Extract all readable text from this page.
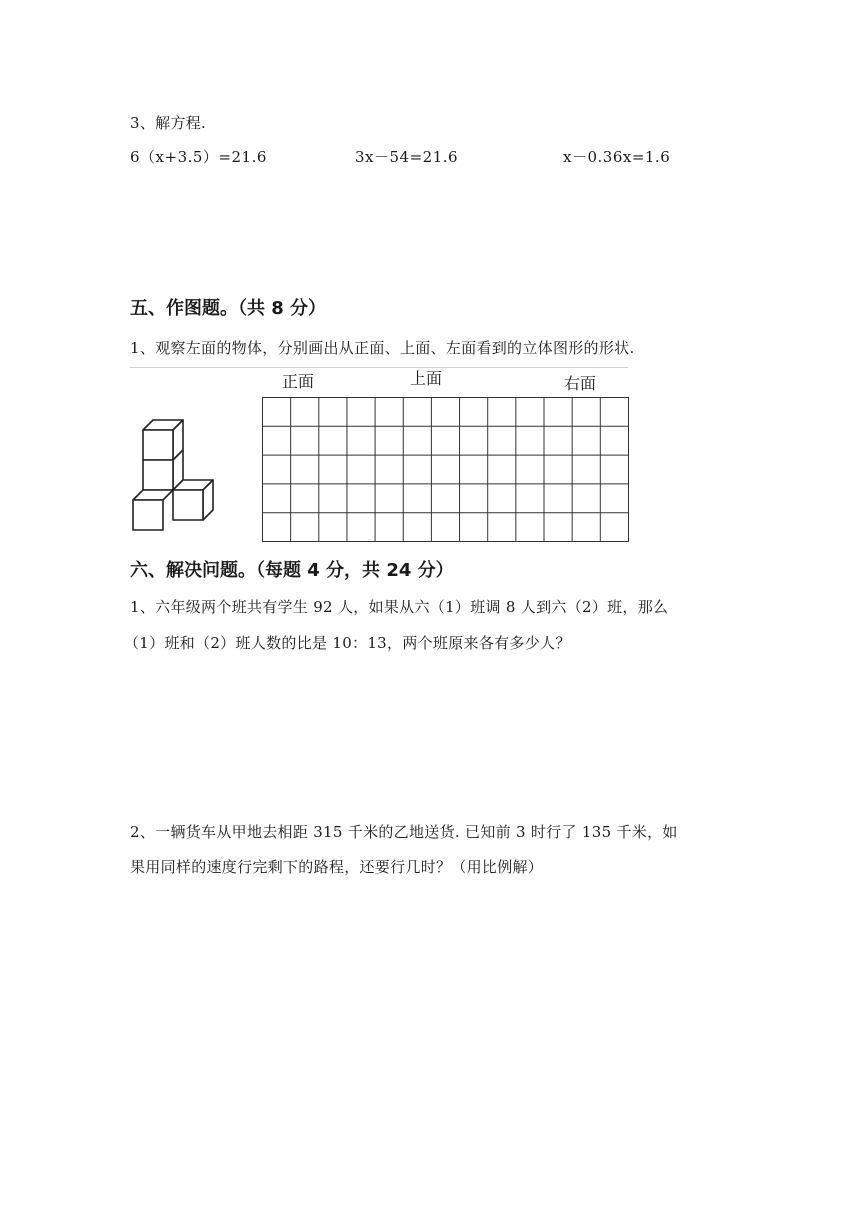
3、解方程.
6（x+3.5）=21.6	3x－54=21.6	x－0.36x=1.6
五、作图题。（共 8 分）
1、观察左面的物体，分别画出从正面、上面、左面看到的立体图形的形状.
正面	上面	右面
六、解决问题。（每题 4 分，共 24 分）
1、六年级两个班共有学生 92 人，如果从六（1）班调 8 人到六（2）班，那么
（1）班和（2）班人数的比是 10：13，两个班原来各有多少人？
2、一辆货车从甲地去相距 315 千米的乙地送货. 已知前 3 时行了 135 千米，如
果用同样的速度行完剩下的路程，还要行几时？（用比例解）
